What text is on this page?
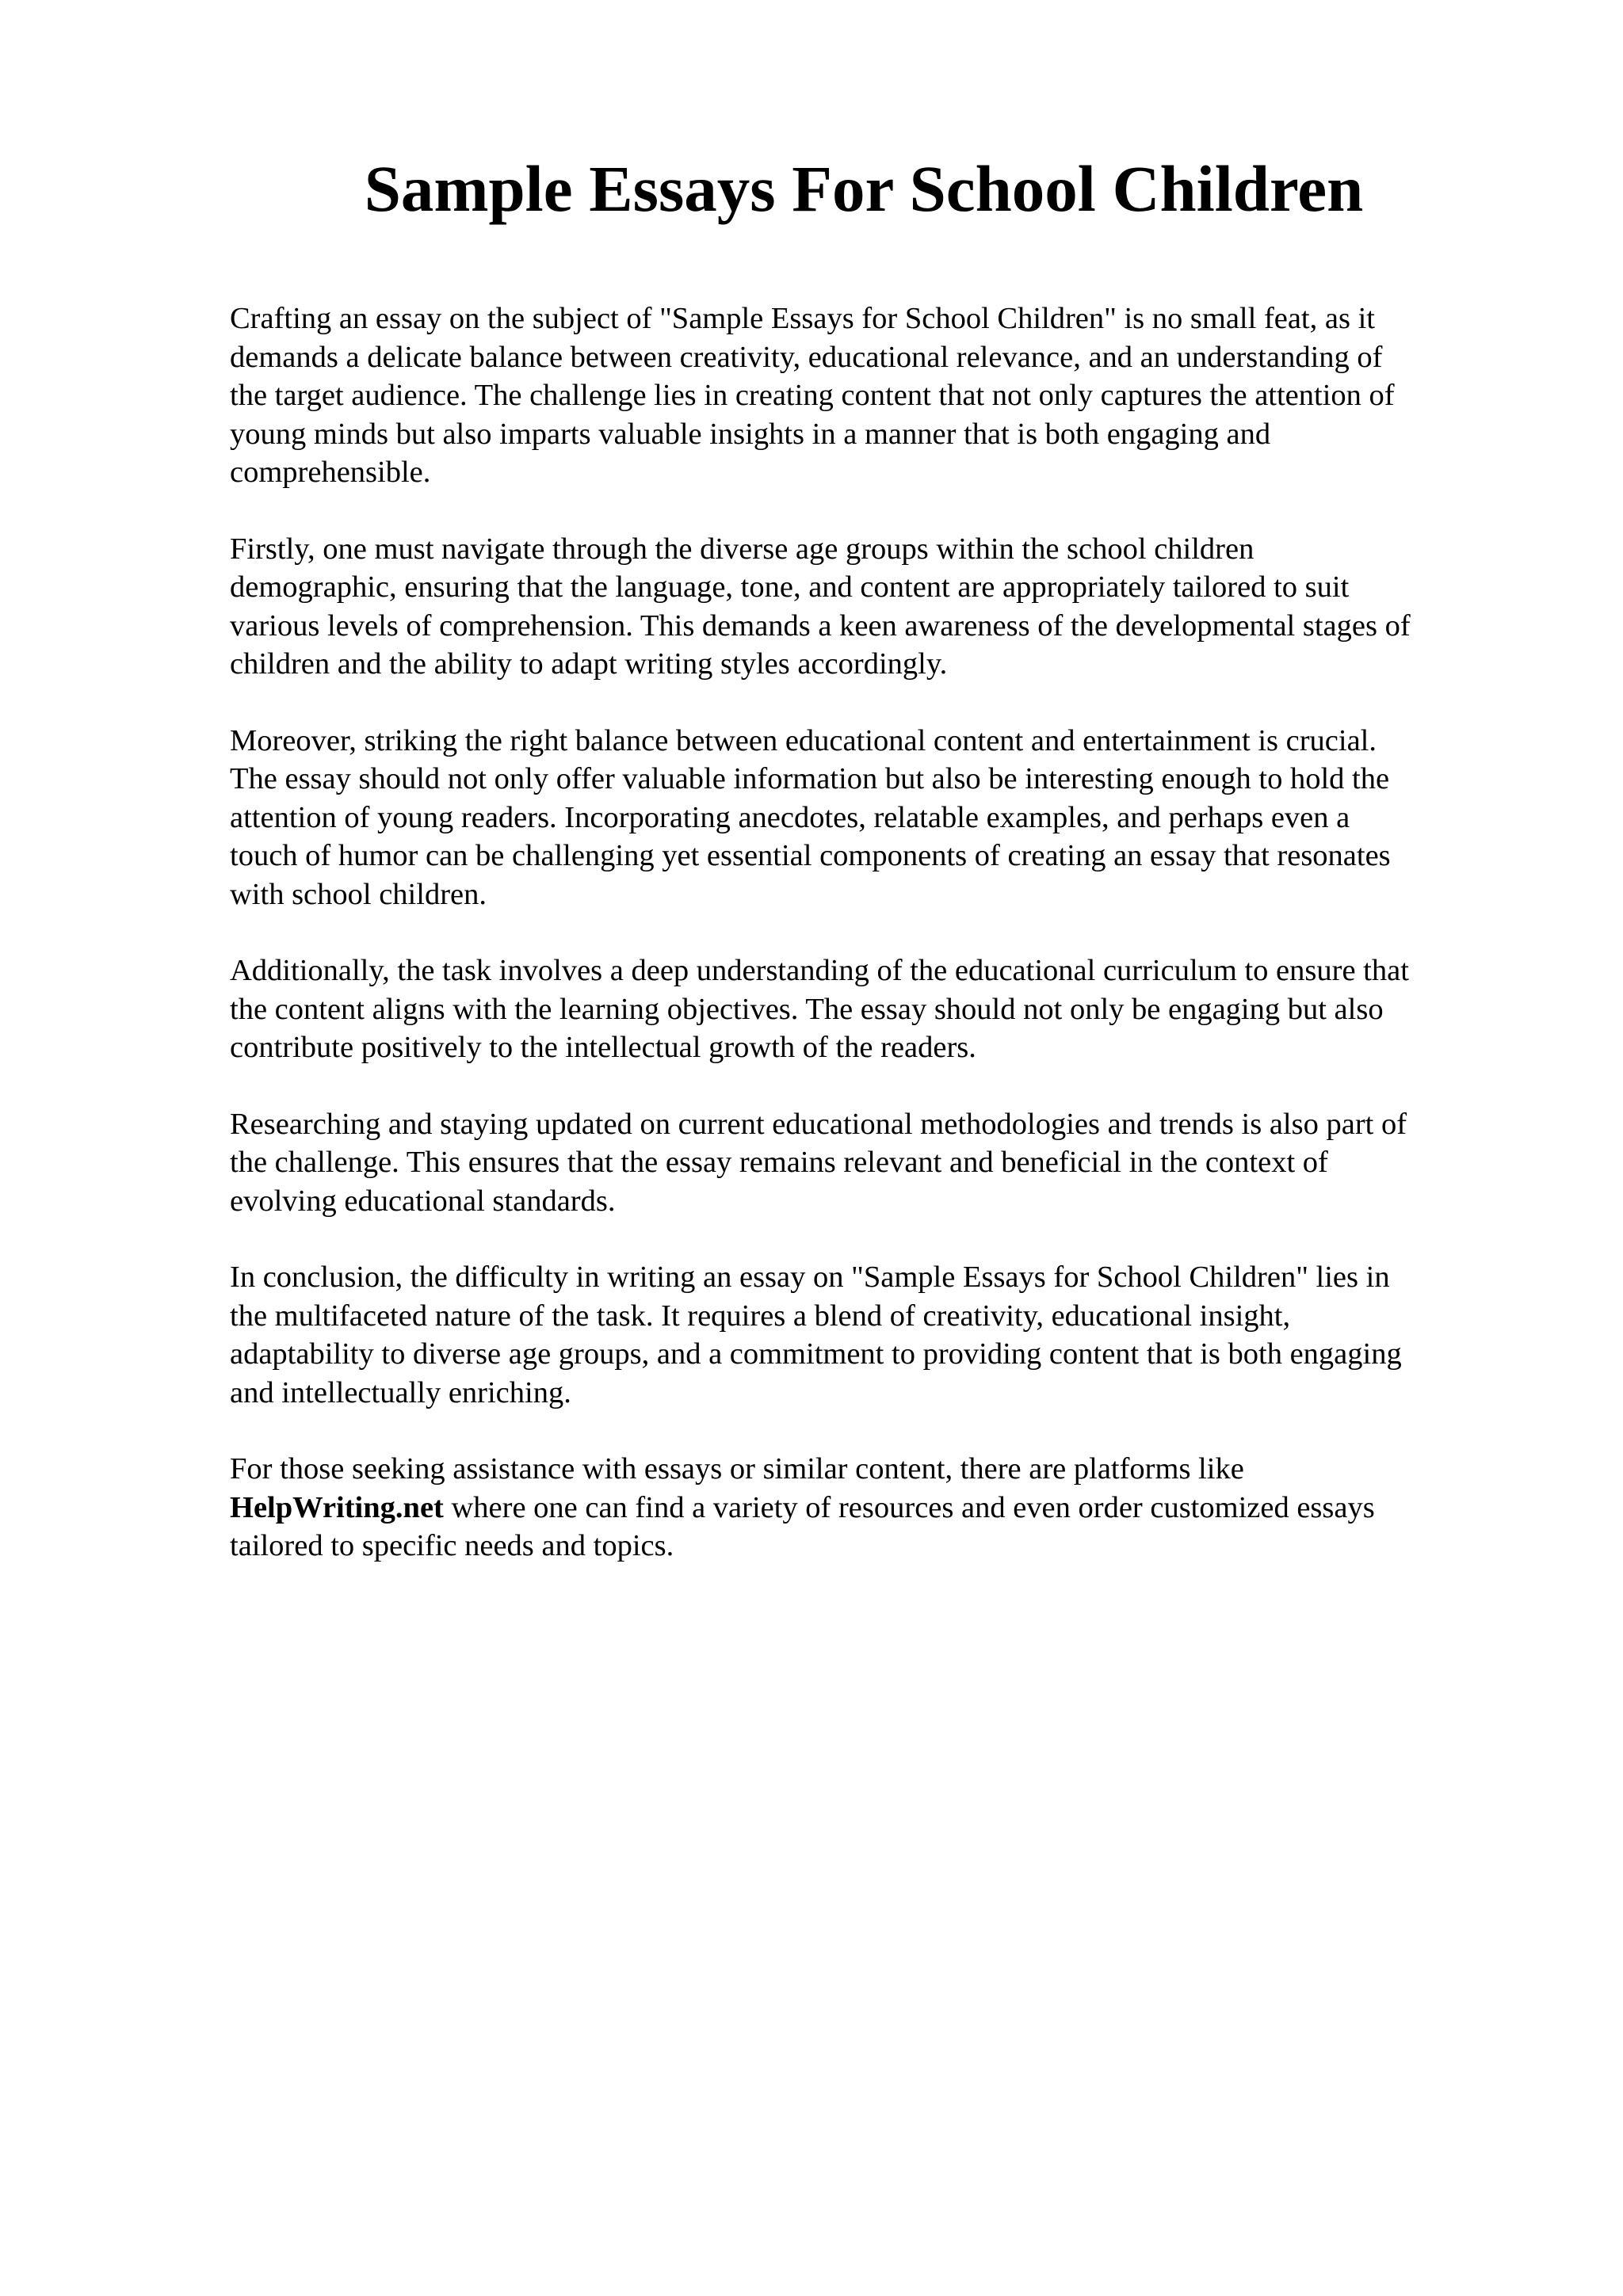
Sample Essays For School Children

Crafting an essay on the subject of "Sample Essays for School Children" is no small feat, as it
demands a delicate balance between creativity, educational relevance, and an understanding of
the target audience. The challenge lies in creating content that not only captures the attention of
young minds but also imparts valuable insights in a manner that is both engaging and
comprehensible.

Firstly, one must navigate through the diverse age groups within the school children
demographic, ensuring that the language, tone, and content are appropriately tailored to suit
various levels of comprehension. This demands a keen awareness of the developmental stages of
children and the ability to adapt writing styles accordingly.

Moreover, striking the right balance between educational content and entertainment is crucial.
The essay should not only offer valuable information but also be interesting enough to hold the
attention of young readers. Incorporating anecdotes, relatable examples, and perhaps even a
touch of humor can be challenging yet essential components of creating an essay that resonates
with school children.

Additionally, the task involves a deep understanding of the educational curriculum to ensure that
the content aligns with the learning objectives. The essay should not only be engaging but also
contribute positively to the intellectual growth of the readers.

Researching and staying updated on current educational methodologies and trends is also part of
the challenge. This ensures that the essay remains relevant and beneficial in the context of
evolving educational standards.

In conclusion, the difficulty in writing an essay on "Sample Essays for School Children" lies in
the multifaceted nature of the task. It requires a blend of creativity, educational insight,
adaptability to diverse age groups, and a commitment to providing content that is both engaging
and intellectually enriching.

For those seeking assistance with essays or similar content, there are platforms like
HelpWriting.net where one can find a variety of resources and even order customized essays
tailored to specific needs and topics.
